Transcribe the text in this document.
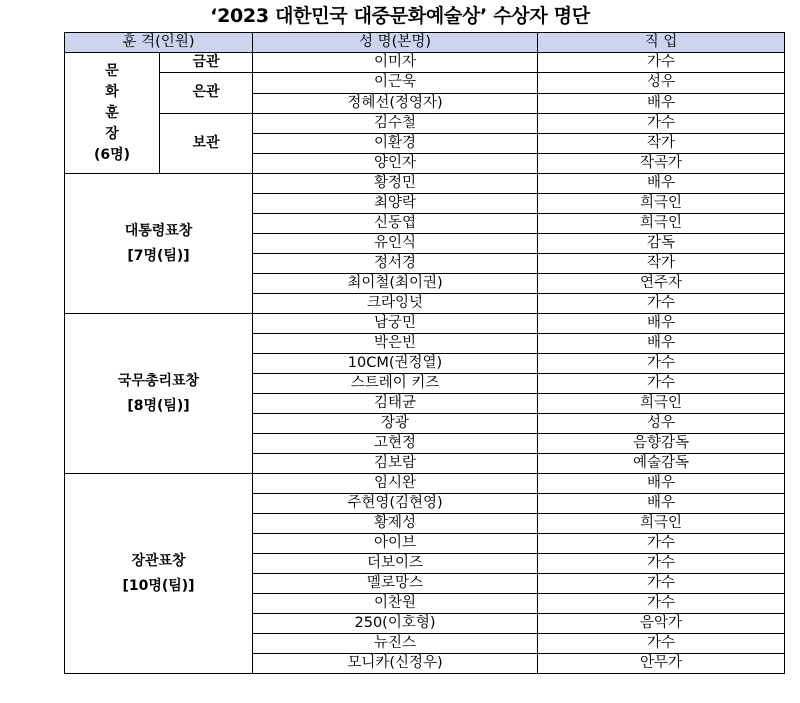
‘2023 대한민국 대중문화예술상’ 수상자 명단
훈 격(인원)		성 명(본명)	직 업

문
화
훈
장
(6명)	금관	이미자	가수
	은관	이근욱	성우
		정혜선(정영자)	배우
	보관	김수철	가수
		이환경	작가
		양인자	작곡가

대통령표창
[7명(팀)]		황정민	배우
		최양락	희극인
		신동엽	희극인
		유인식	감독
		정서경	작가
		최이철(최이권)	연주자
		크라잉넛	가수

국무총리표창
[8명(팀)]		남궁민	배우
		박은빈	배우
		10CM(권정열)	가수
		스트레이 키즈	가수
		김태균	희극인
		장광	성우
		고현정	음향감독
		김보람	예술감독

장관표창
[10명(팀)]		임시완	배우
		주현영(김현영)	배우
		황제성	희극인
		아이브	가수
		더보이즈	가수
		멜로망스	가수
		이찬원	가수
		250(이호형)	음악가
		뉴진스	가수
		모니카(신정우)	안무가
